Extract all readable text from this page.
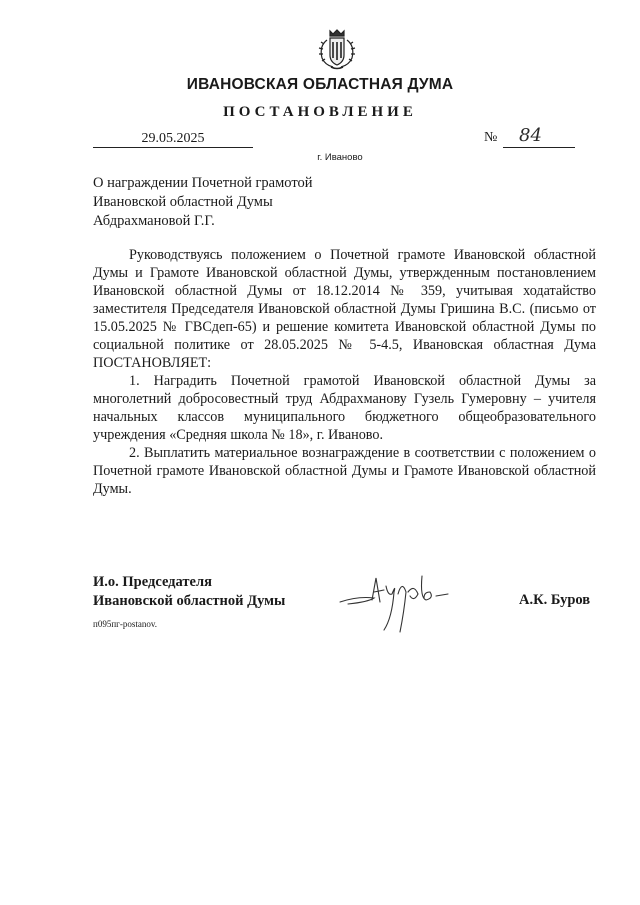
ИВАНОВСКАЯ ОБЛАСТНАЯ ДУМА
ПОСТАНОВЛЕНИЕ
29.05.2025	№ 84
г. Иваново
О награждении Почетной грамотой
Ивановской областной Думы
Абдрахмановой Г.Г.

Руководствуясь положением о Почетной грамоте Ивановской областной Думы и Грамоте Ивановской областной Думы, утвержденным постановлением Ивановской областной Думы от 18.12.2014 № 359, учитывая ходатайство заместителя Председателя Ивановской областной Думы Гришина В.С. (письмо от 15.05.2025 № ГВСдеп-65) и решение комитета Ивановской областной Думы по социальной политике от 28.05.2025 № 5-4.5, Ивановская областная Дума ПОСТАНОВЛЯЕТ:

1. Наградить Почетной грамотой Ивановской областной Думы за многолетний добросовестный труд Абдрахманову Гузель Гумеровну – учителя начальных классов муниципального бюджетного общеобразовательного учреждения «Средняя школа № 18», г. Иваново.

2. Выплатить материальное вознаграждение в соответствии с положением о Почетной грамоте Ивановской областной Думы и Грамоте Ивановской областной Думы.

И.о. Председателя
Ивановской областной Думы	А.К. Буров
п095пг-postanov.
